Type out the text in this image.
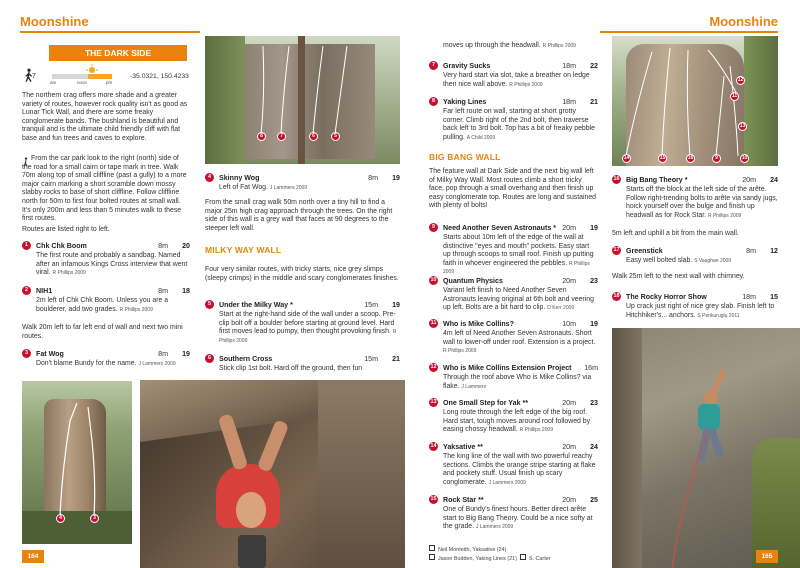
Moonshine
THE DARK SIDE
7
am	noon	pm
-35.0321, 150.4233
The northern crag offers more shade and a greater variety of routes, however rock quality isn't as good as Lunar Tick Wall, and there are some freaky conglomerate bands. The bushland is beautiful and tranquil and is the ultimate child friendly cliff with flat base and fun trees and caves to explore.
From the car park look to the right (north) side of the road for a small cairn or tape mark in tree. Walk 70m along top of small cliffline (past a gully) to a more major cairn marking a short scramble down mossy slabby rocks to base of short cliffline. Follow cliffline north for 50m to first four bolted routes at small wall. It's only 200m and less than 5 minutes walk to these first routes.
Routes are listed right to left.
1	Chk Chk Boom	8m 20
The first route and probably a sandbag. Named after an infamous Kings Cross interview that went viral. R Phillips 2009
2	NIH1	8m 18
2m left of Chk Chk Boom. Unless you are a boulderer, add two grades. R Phillips 2009
Walk 20m left to far left end of wall and next two mini routes.
3	Fat Wog	8m 19
Don't blame Bundy for the name. J Lammers 2009
4	3
164
8	7	6	5
4	Skinny Wog	8m 19
Left of Fat Wog. J Lammers 2009
From the small crag walk 50m north over a tiny hill to find a major 25m high crag approach through the trees. On the right side of this wall is a grey wall that faces at 90 degrees to the steeper left wall.
MILKY WAY WALL
Four very similar routes, with tricky starts, nice grey slimps (sleepy crimps) in the middle and scary conglomerates finishes.
5	Under the Milky Way *	15m 19
Start at the right-hand side of the wall under a scoop. Pre-clip bolt off a boulder before starting at ground level. Hard first moves lead to pumpy, then thought provoking finish. R Phillips 2009
6	Southern Cross	15m 21
Stick clip 1st bolt. Hard off the ground, then fun
Moonshine
moves up through the headwall. R Phillips 2009
7	Gravity Sucks	18m 22
Very hard start via slot, take a breather on ledge then nice wall above. R Phillips 2009
8	Yaking Lines	18m 21
Far left route on wall, starting at short grotty corner. Climb right of the 2nd bolt, then traverse back left to 3rd bolt. Top has a bit of freaky pebble pulling. A Child 2009
BIG BANG WALL
The feature wall at Dark Side and the next big wall left of Milky Way Wall. Most routes climb a short tricky face, pop through a small overhang and then finish up easy conglomerate top. Routes are long and sustained with plenty of bolts!
9	Need Another Seven Astronauts * 20m 19
Starts about 10m left of the edge of the wall at distinctive "eyes and mouth" pockets. Easy start up through scoops to small roof. Finish up putting faith in whoever engineered the pebbles. R Phillips 2009
10 Quantum Physics	20m 23
Variant left finish to Need Another Seven Astronauts leaving original at 6th bolt and veering up left. Bolts are a bit hard to clip. D Kerr 2009
11 Who is Mike Collins?	10m 19
4m left of Need Another Seven Astronauts. Short wall to lower-off under roof. Extension is a project. R Phillips 2009
12 Who is Mike Collins Extension Project 16m
Through the roof above Who is Mike Collins? via flake. J Lammers
13 One Small Step for Yak **	20m 23
Long route through the left edge of the big roof. Hard start, tough moves around roof followed by easing chossy headwall. R Phillips 2009
14 Yaksative **	20m 24
The king line of the wall with two powerful reachy sections. Climbs the orange stripe starting at flake and pockety stuff. Usual finish up scary conglomerate. J Lammers 2009
15 Rock Star **	20m 25
One of Bundy's finest hours. Better direct arête start to Big Bang Theory. Could be a nice softy at the grade. J Lammers 2009
Neil Monteith, Yaksative (24)
Jason Budden, Yaking Lines (21) S. Carter
14	15	16
12
11
10
9
13
16 Big Bang Theory *	20m 24
Starts off the block at the left side of the arête. Follow right-trending bolts to arête via sandy jugs, hoick yourself over the bulge and finish up headwall as for Rock Star. R Phillips 2009
5m left and uphill a bit from the main wall.
17 Greenstick	8m 12
Easy well bolted slab. S Vaughan 2009
Walk 25m left to the next wall with chimney.
18 The Rocky Horror Show	18m 15
Up crack just right of nice grey slab. Finish left to Hitchhiker's... anchors. S Penkuruglu 2011
165
